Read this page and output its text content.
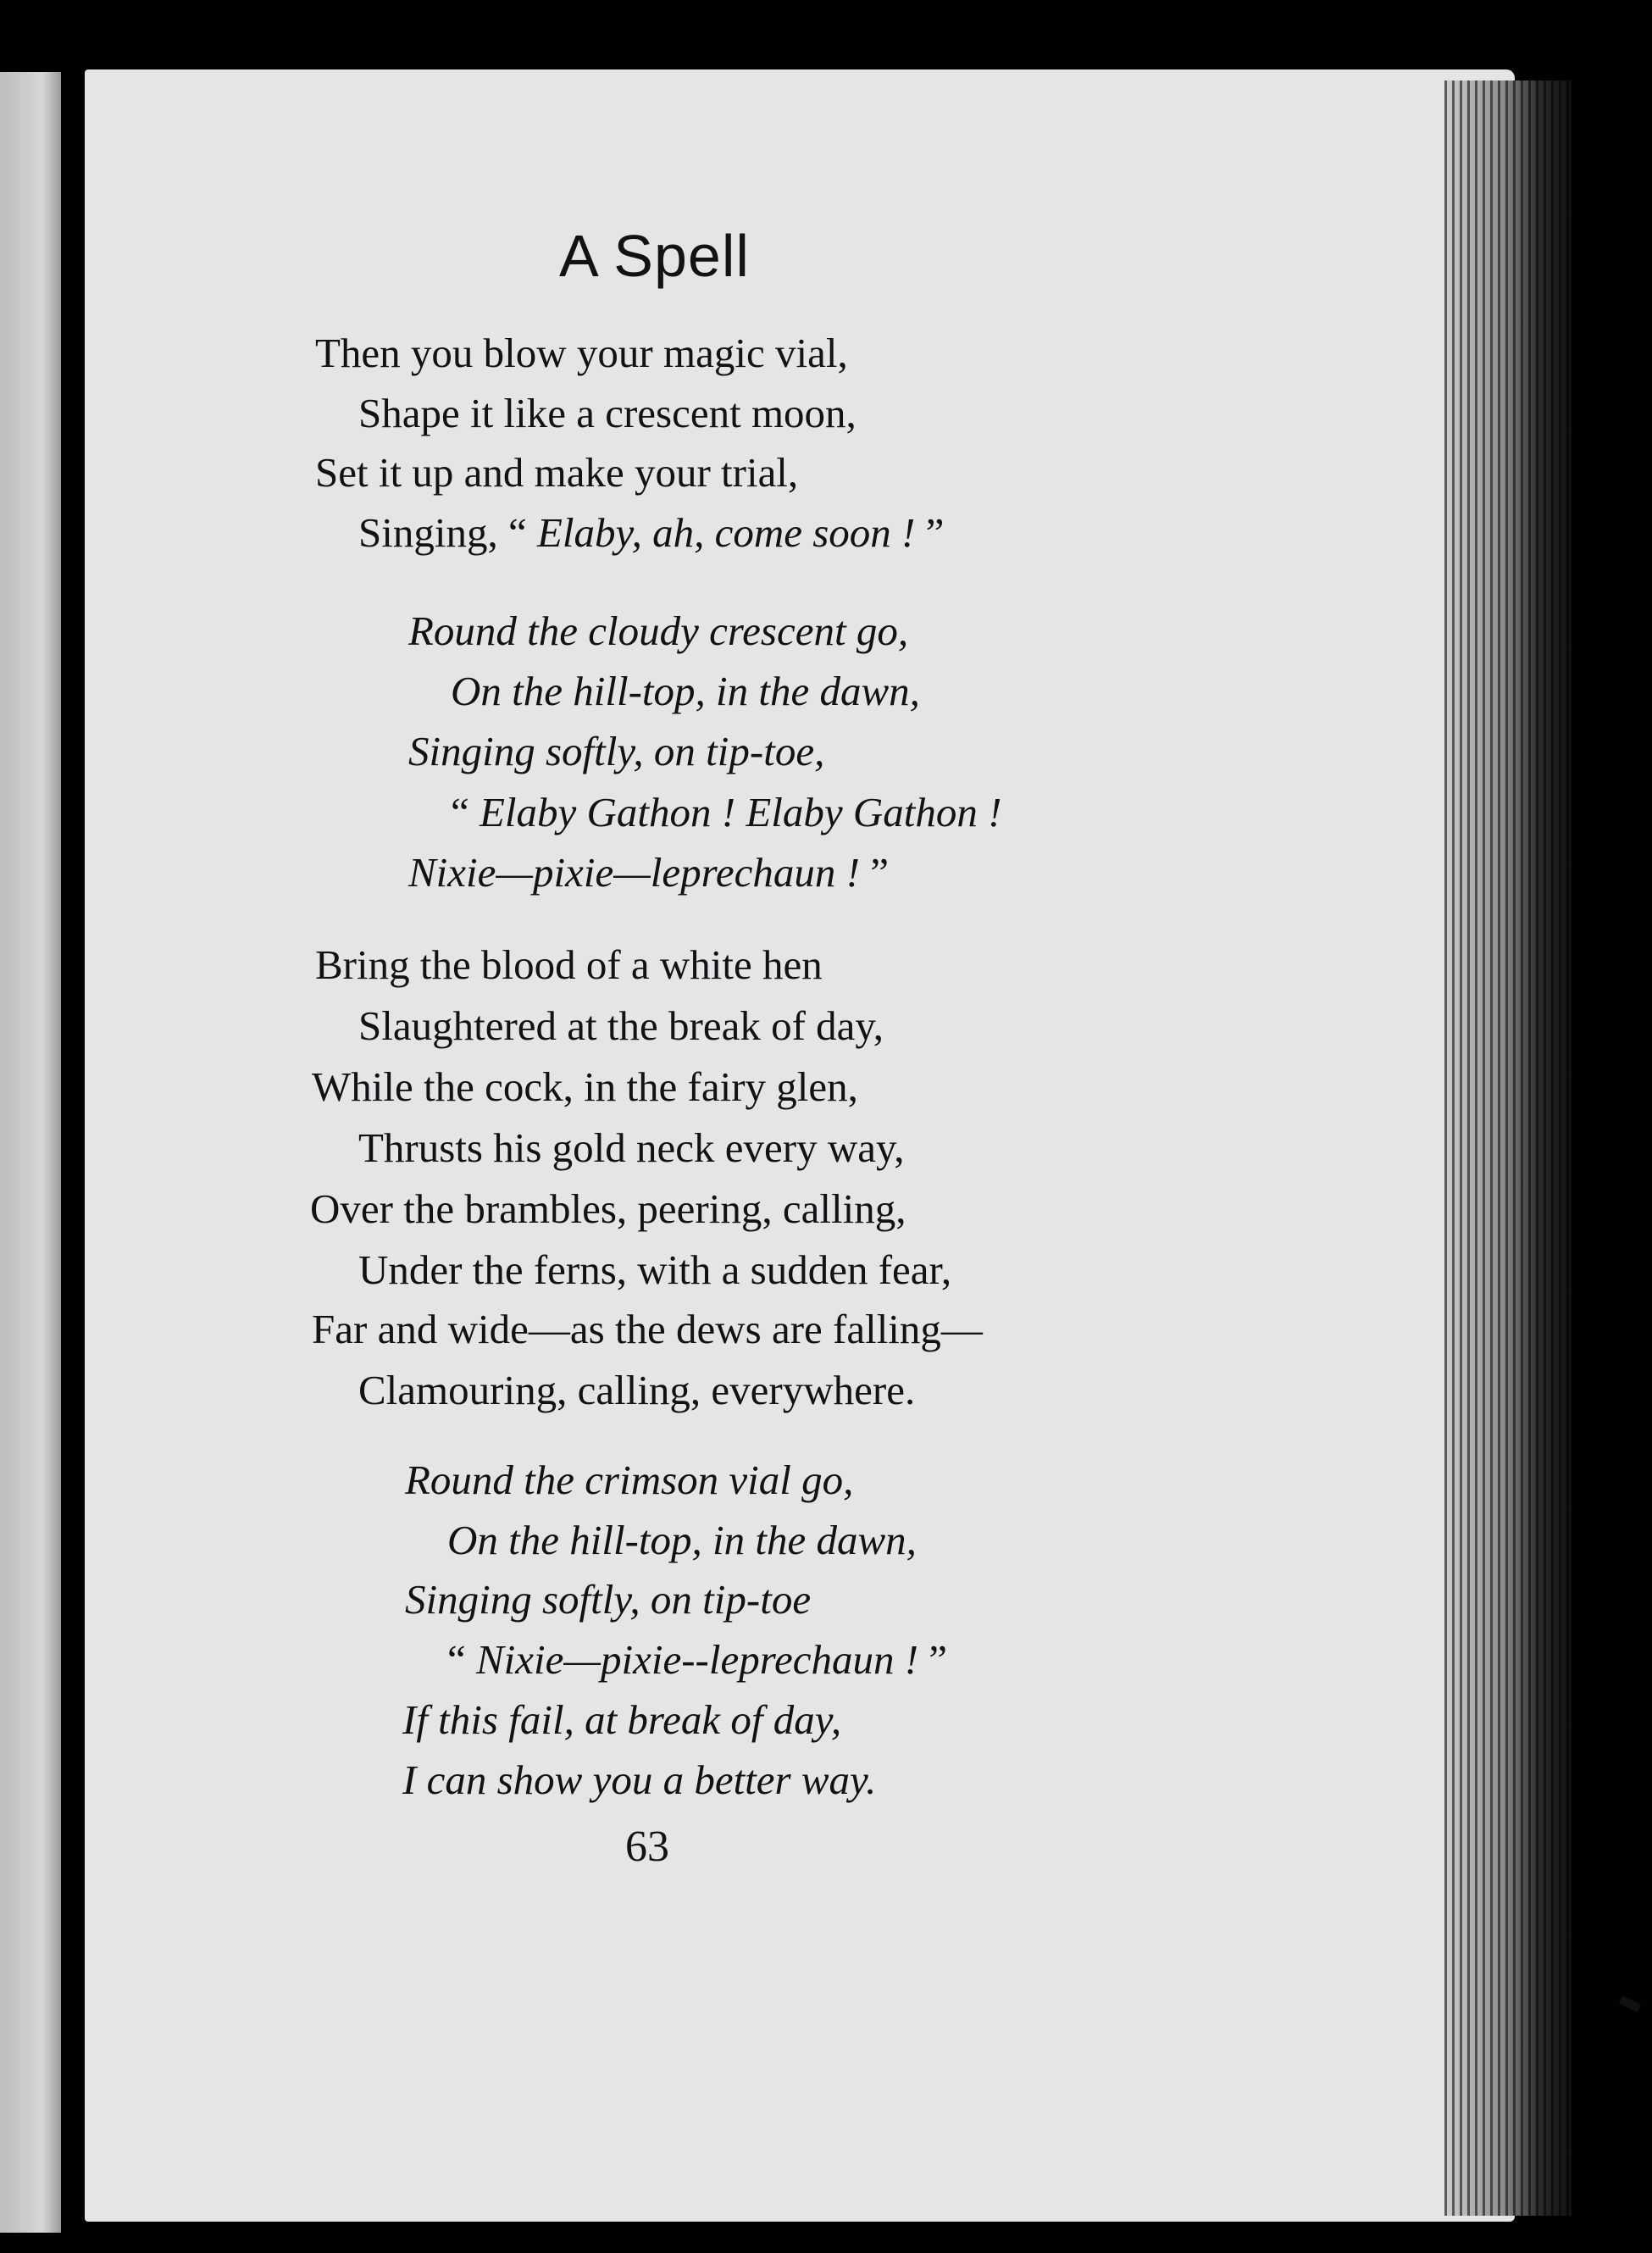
A Spell
Then you blow your magic vial,
Shape it like a crescent moon,
Set it up and make your trial,
Singing, “ Elaby, ah, come soon ! ”
Round the cloudy crescent go,
On the hill-top, in the dawn,
Singing softly, on tip-toe,
“ Elaby Gathon ! Elaby Gathon !
Nixie—pixie—leprechaun ! ”
Bring the blood of a white hen
Slaughtered at the break of day,
While the cock, in the fairy glen,
Thrusts his gold neck every way,
Over the brambles, peering, calling,
Under the ferns, with a sudden fear,
Far and wide—as the dews are falling—
Clamouring, calling, everywhere.
Round the crimson vial go,
On the hill-top, in the dawn,
Singing softly, on tip-toe
“ Nixie—pixie--leprechaun ! ”
If this fail, at break of day,
I can show you a better way.
63
